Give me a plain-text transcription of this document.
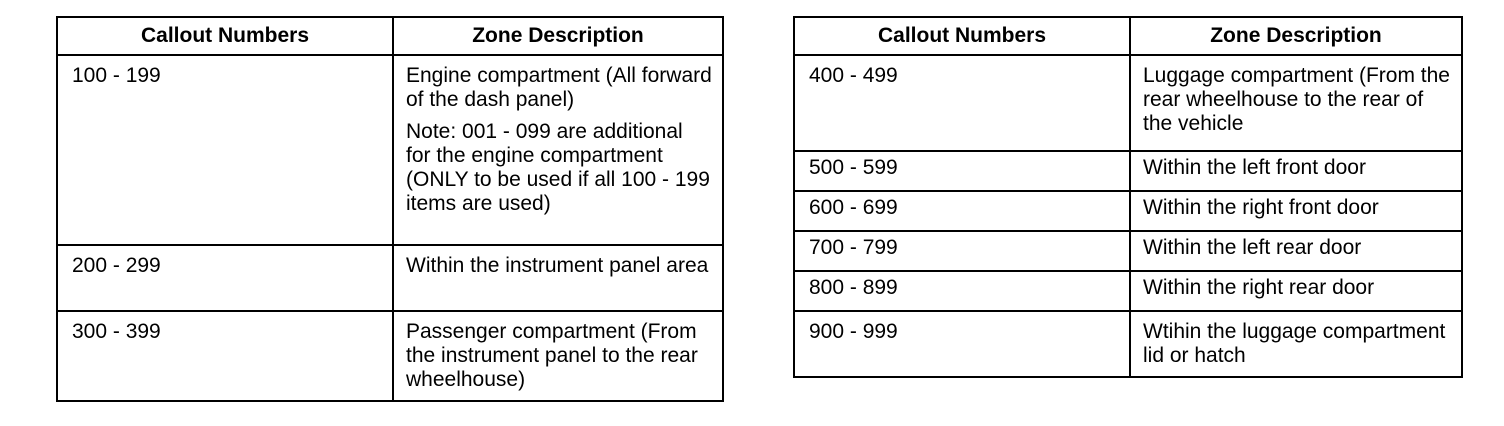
Callout Numbers	Zone Description
100 - 199	Engine compartment (All forward of the dash panel)
Note: 001 - 099 are additional for the engine compartment (ONLY to be used if all 100 - 199 items are used)

200 - 299	Within the instrument panel area
300 - 399	Passenger compartment (From the instrument panel to the rear wheelhouse)
Callout Numbers	Zone Description
400 - 499	Luggage compartment (From the rear wheelhouse to the rear of the vehicle
500 - 599	Within the left front door
600 - 699	Within the right front door
700 - 799	Within the left rear door
800 - 899	Within the right rear door
900 - 999	Wtihin the luggage compartment lid or hatch
